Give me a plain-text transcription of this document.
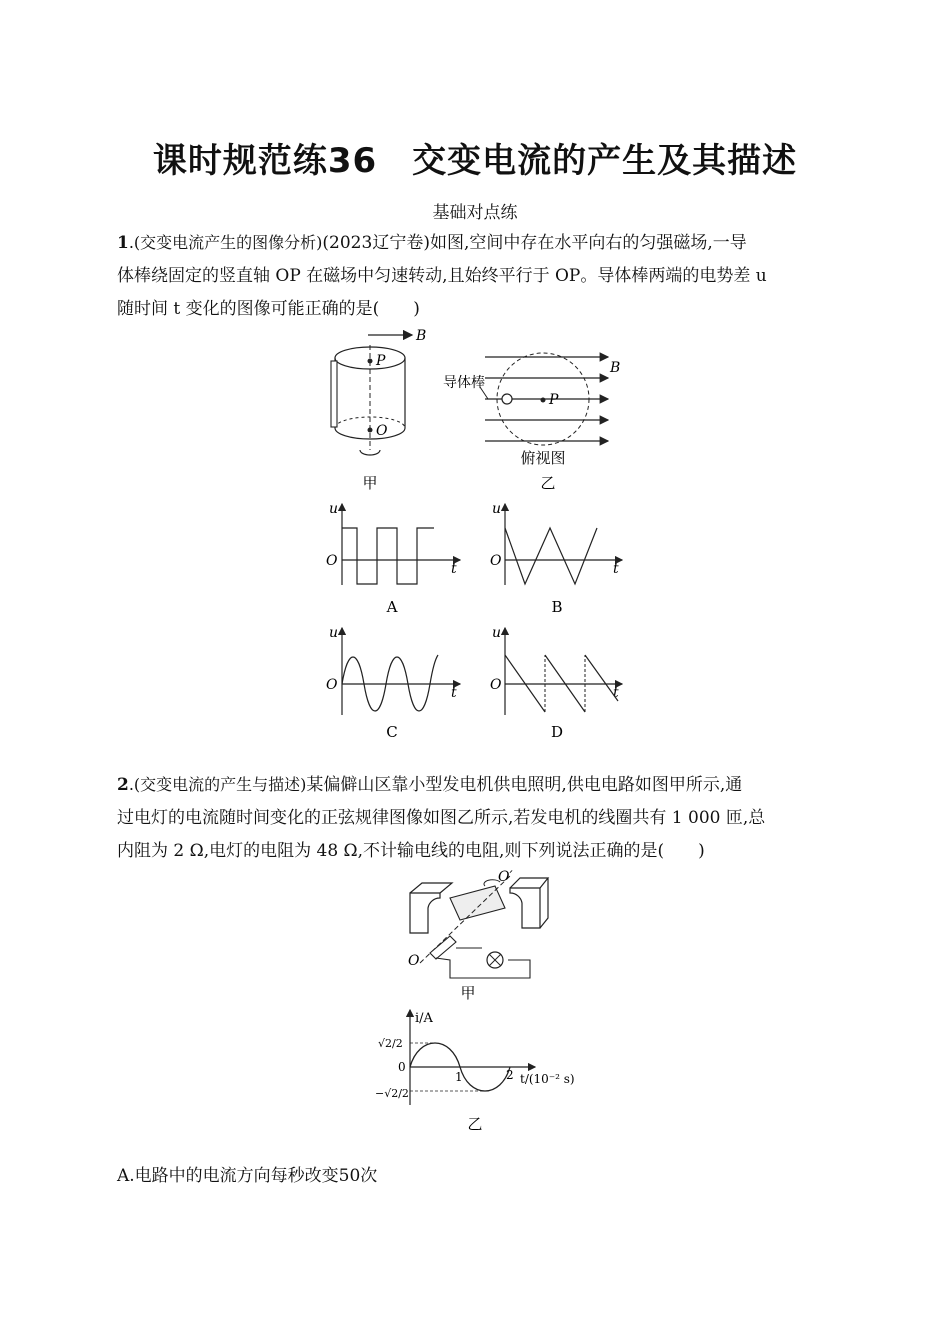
课时规范练36　交变电流的产生及其描述
基础对点练
1.(交变电流产生的图像分析)(2023辽宁卷)如图,空间中存在水平向右的匀强磁场,一导
体棒绕固定的竖直轴 OP 在磁场中匀速转动,且始终平行于 OP。导体棒两端的电势差 u
随时间 t 变化的图像可能正确的是(　　)
B
P
O
甲
B
导体棒
P
俯视图
乙
u
t
O
A
u
t
O
B
u
t
O
C
u
t
O
D
2.(交变电流的产生与描述)某偏僻山区靠小型发电机供电照明,供电电路如图甲所示,通
过电灯的电流随时间变化的正弦规律图像如图乙所示,若发电机的线圈共有 1 000 匝,总
内阻为 2 Ω,电灯的电阻为 48 Ω,不计输电线的电阻,则下列说法正确的是(　　)
O′
O
甲
i/A
√2/2
0
−√2/2
1	2 t/(10⁻² s)
乙
A.电路中的电流方向每秒改变50次
